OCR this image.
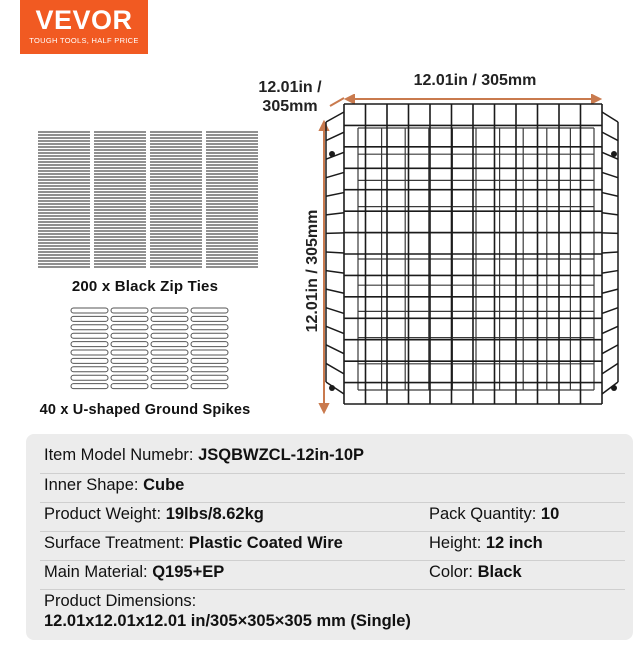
VEVOR
TOUGH TOOLS, HALF PRICE
200 x Black Zip Ties
40 x U-shaped Ground Spikes
12.01in /
305mm
12.01in / 305mm
12.01in / 305mm
Item Model Numebr: JSQBWZCL-12in-10P
Inner Shape: Cube
Product Weight: 19lbs/8.62kg	Pack Quantity: 10
Surface Treatment: Plastic Coated Wire	Height: 12 inch
Main Material: Q195+EP	Color: Black
Product Dimensions:
12.01x12.01x12.01 in/305×305×305 mm (Single)
